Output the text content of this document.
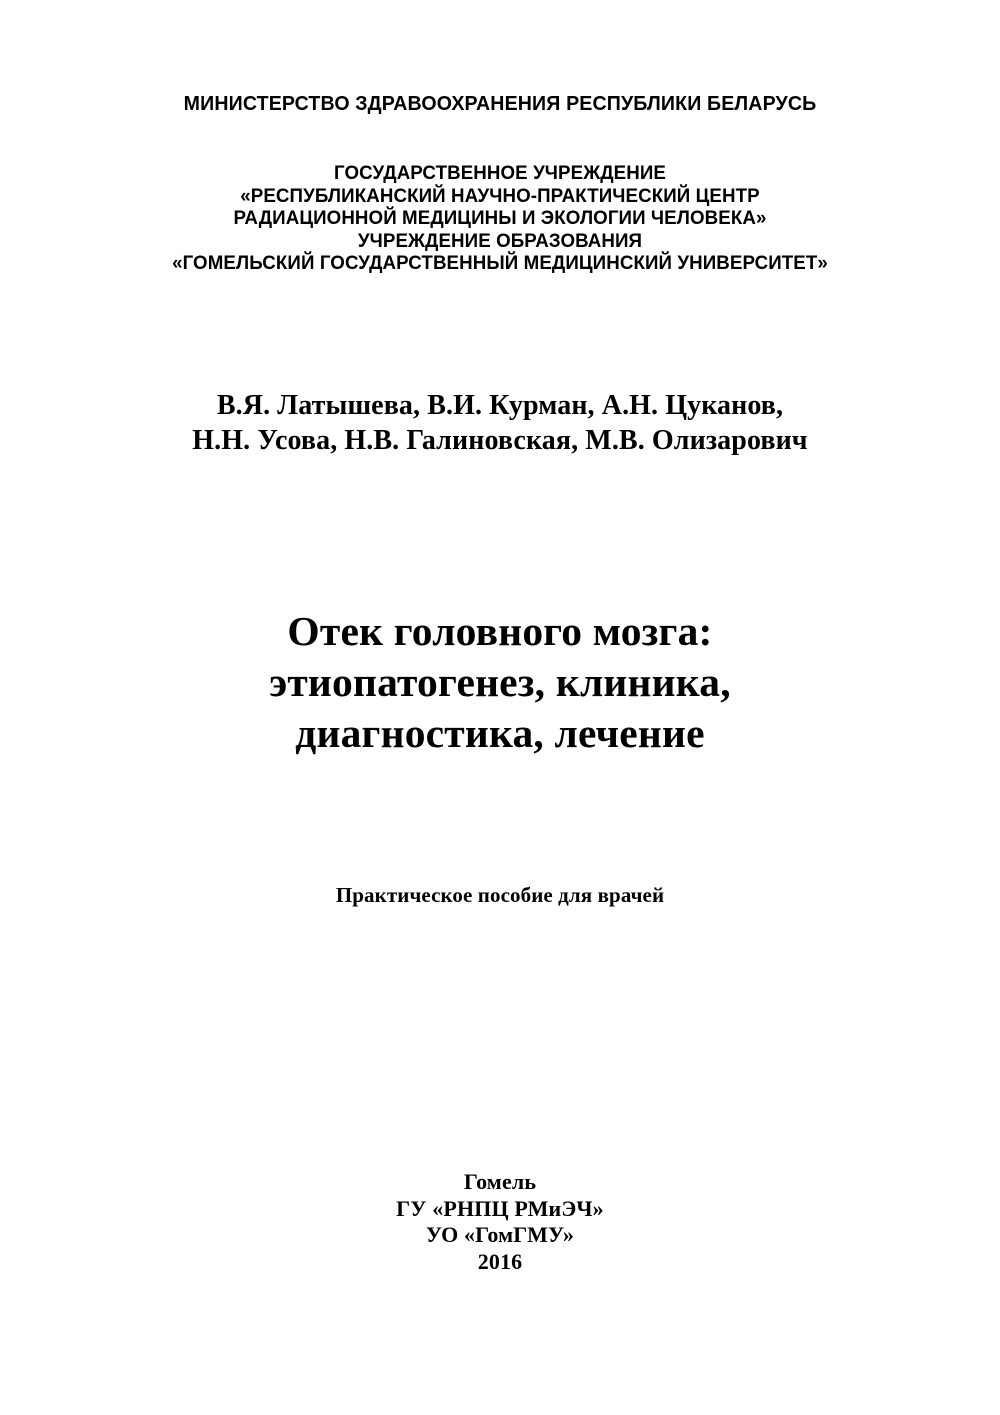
МИНИСТЕРСТВО ЗДРАВООХРАНЕНИЯ РЕСПУБЛИКИ БЕЛАРУСЬ
ГОСУДАРСТВЕННОЕ УЧРЕЖДЕНИЕ
«РЕСПУБЛИКАНСКИЙ НАУЧНО-ПРАКТИЧЕСКИЙ ЦЕНТР
РАДИАЦИОННОЙ МЕДИЦИНЫ И ЭКОЛОГИИ ЧЕЛОВЕКА»
УЧРЕЖДЕНИЕ ОБРАЗОВАНИЯ
«ГОМЕЛЬСКИЙ ГОСУДАРСТВЕННЫЙ МЕДИЦИНСКИЙ УНИВЕРСИТЕТ»
В.Я. Латышева, В.И. Курман, А.Н. Цуканов,
Н.Н. Усова, Н.В. Галиновская, М.В. Олизарович
Отек головного мозга:
этиопатогенез, клиника,
диагностика, лечение
Практическое пособие для врачей
Гомель
ГУ «РНПЦ РМиЭЧ»
УО «ГомГМУ»
2016
